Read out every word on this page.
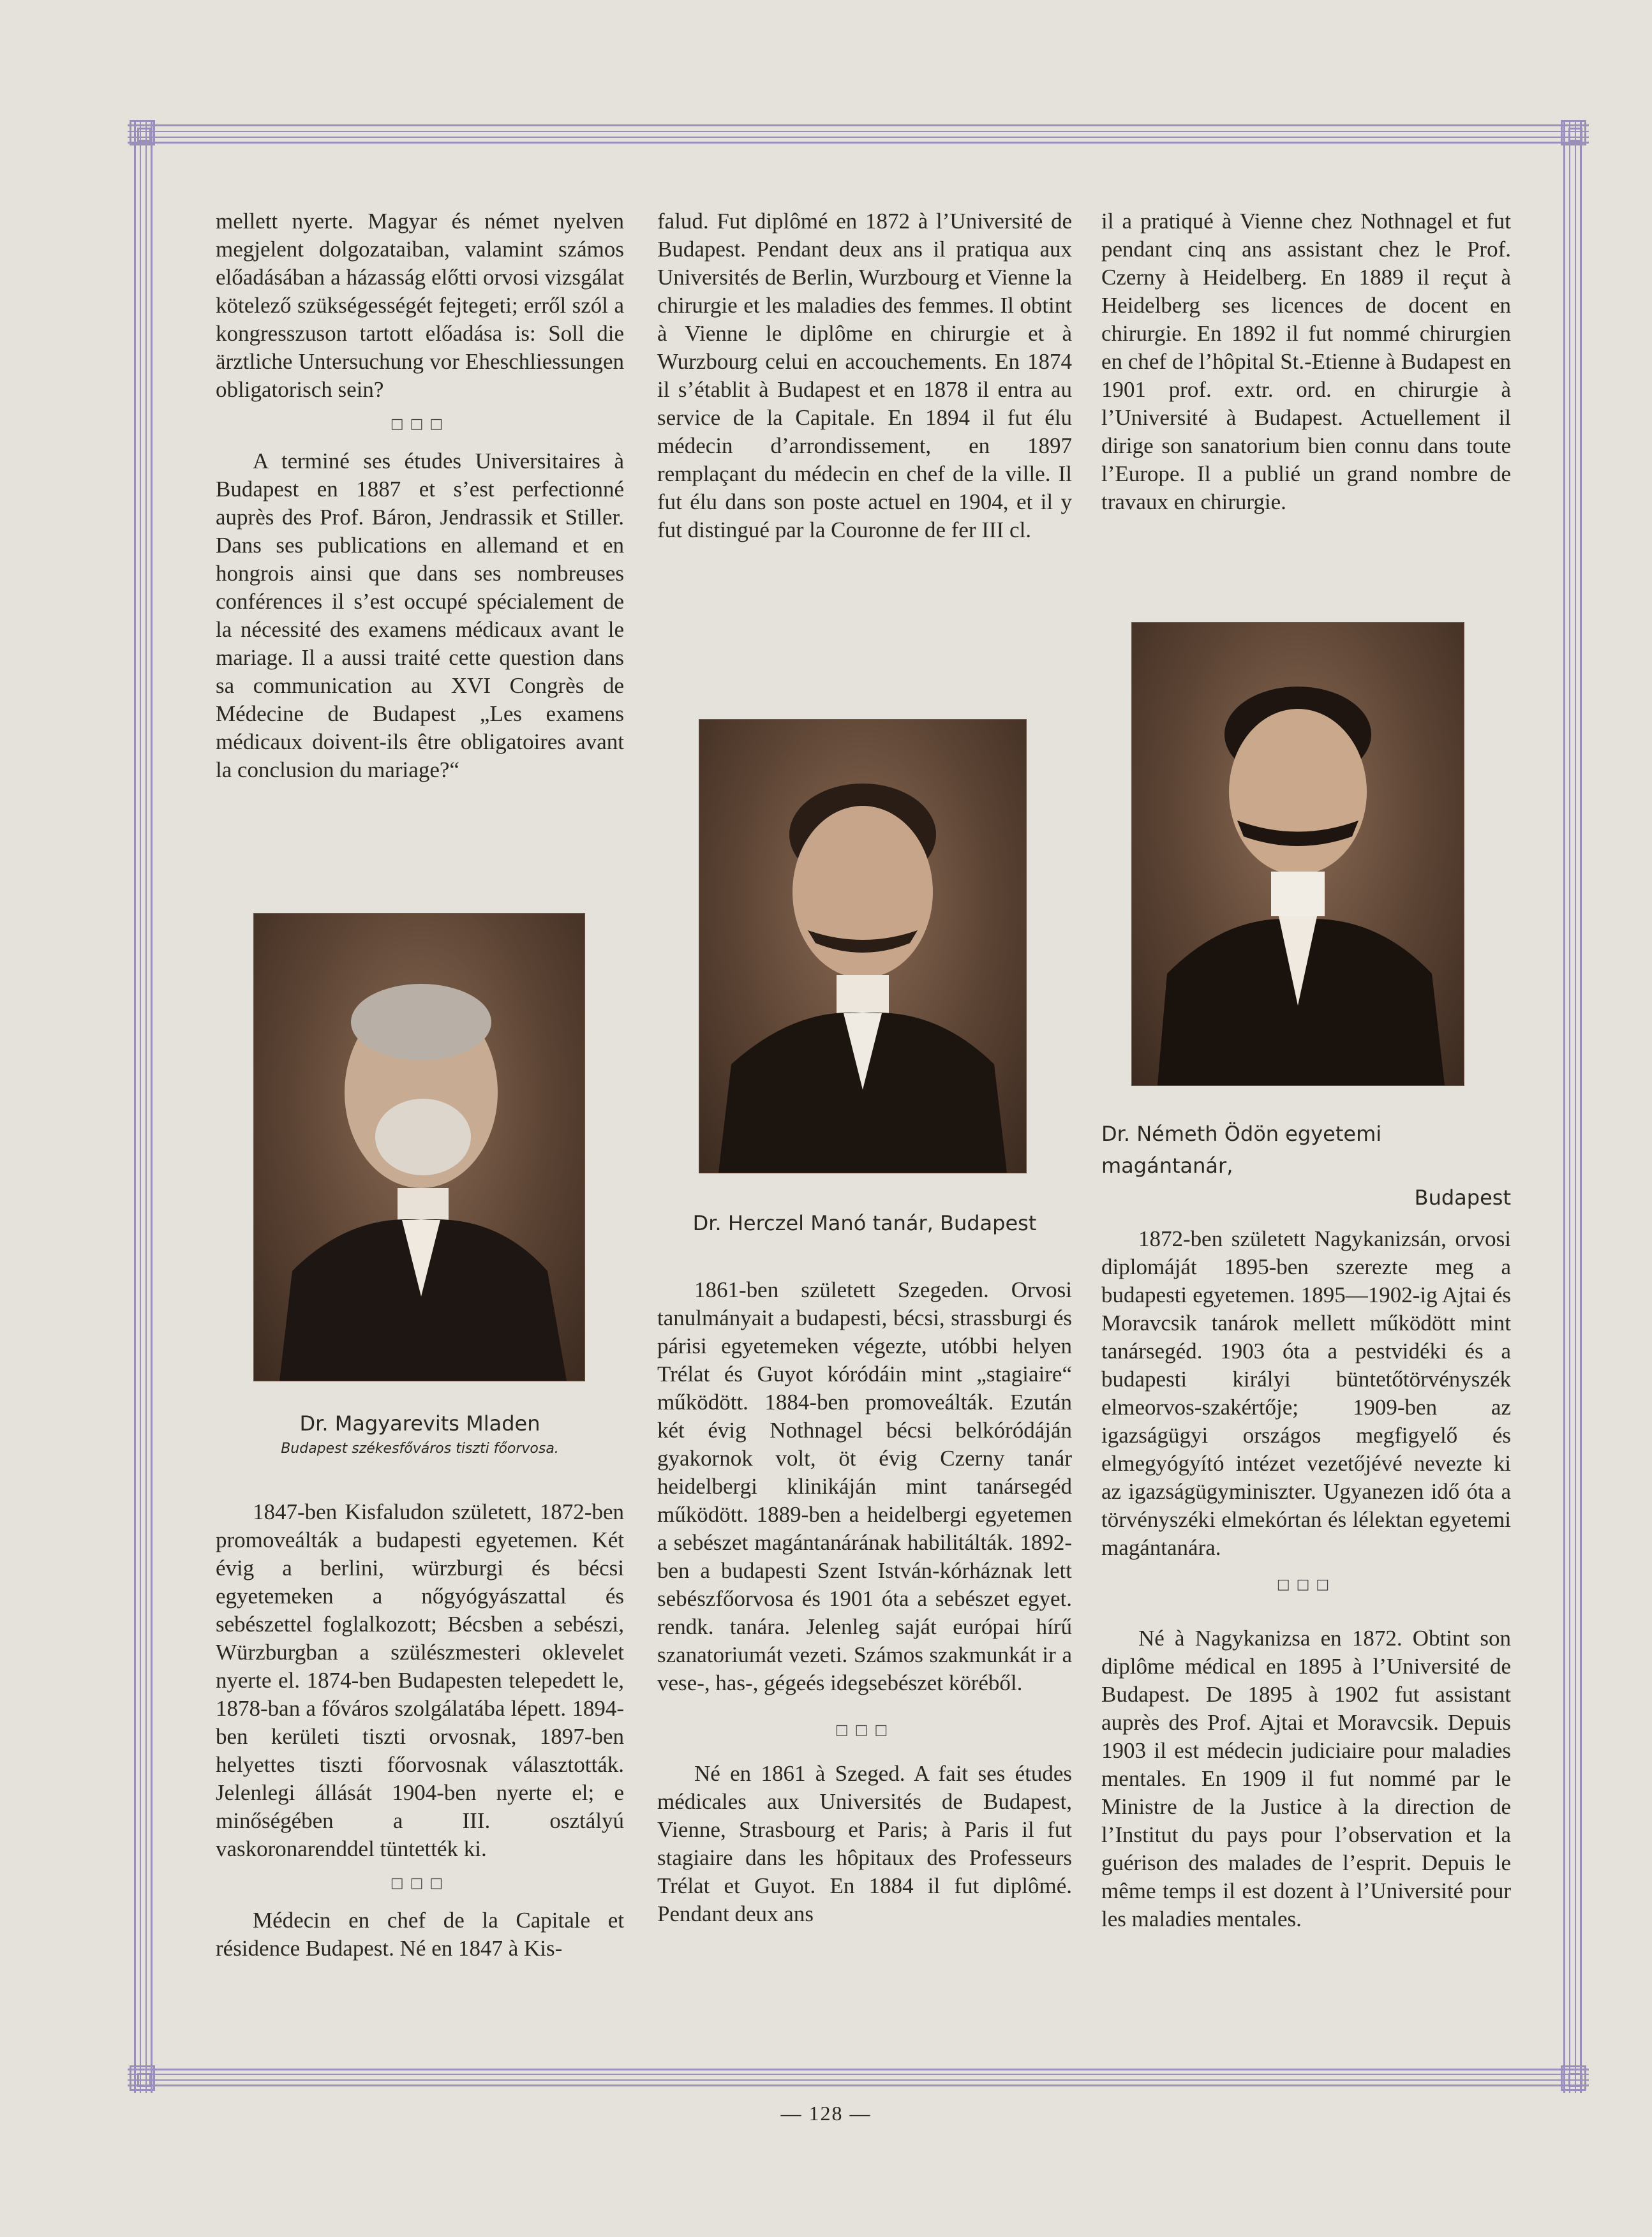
mellett nyerte. Magyar és német nyelven megjelent dolgozataiban, valamint számos előadásában a házasság előtti orvosi vizsgálat kötelező szükségességét fejtegeti; erről szól a kongresszuson tartott előadása is: Soll die ärztliche Untersuchung vor Eheschliessungen obligatorisch sein?

□□□

A terminé ses études Universitaires à Budapest en 1887 et s’est perfectionné auprès des Prof. Báron, Jendrassik et Stiller. Dans ses publications en allemand et en hongrois ainsi que dans ses nombreuses conférences il s’est occupé spécialement de la nécessité des examens médicaux avant le mariage. Il a aussi traité cette question dans sa communication au XVI Congrès de Médecine de Budapest „Les examens médicaux doivent-ils être obligatoires avant la conclusion du mariage?“

Dr. Magyarevits Mladen
Budapest székesfőváros tiszti főorvosa.

1847-ben Kisfaludon született, 1872-ben promoveálták a budapesti egyetemen. Két évig a berlini, würzburgi és bécsi egyetemeken a nőgyógyászattal és sebészettel foglalkozott; Bécsben a sebészi, Würzburgban a szülészmesteri oklevelet nyerte el. 1874-ben Budapesten telepedett le, 1878-ban a főváros szolgálatába lépett. 1894-ben kerületi tiszti orvosnak, 1897-ben helyettes tiszti főorvosnak választották. Jelenlegi állását 1904-ben nyerte el; e minőségében a III. osztályú vaskoronarenddel tüntették ki.

□□□

Médecin en chef de la Capitale et résidence Budapest. Né en 1847 à Kis-

falud. Fut diplômé en 1872 à l’Université de Budapest. Pendant deux ans il pratiqua aux Universités de Berlin, Wurzbourg et Vienne la chirurgie et les maladies des femmes. Il obtint à Vienne le diplôme en chirurgie et à Wurzbourg celui en accouchements. En 1874 il s’établit à Budapest et en 1878 il entra au service de la Capitale. En 1894 il fut élu médecin d’arrondissement, en 1897 remplaçant du médecin en chef de la ville. Il fut élu dans son poste actuel en 1904, et il y fut distingué par la Couronne de fer III cl.

Dr. Herczel Manó tanár, Budapest

1861-ben született Szegeden. Orvosi tanulmányait a budapesti, bécsi, strassburgi és párisi egyetemeken végezte, utóbbi helyen Trélat és Guyot kóródáin mint „stagiaire“ működött. 1884-ben promoveálták. Ezután két évig Nothnagel bécsi belkóródáján gyakornok volt, öt évig Czerny tanár heidelbergi klinikáján mint tanársegéd működött. 1889-ben a heidelbergi egyetemen a sebészet magántanárának habilitálták. 1892-ben a budapesti Szent István-kórháznak lett sebészfőorvosa és 1901 óta a sebészet egyet. rendk. tanára. Jelenleg saját európai hírű szanatoriumát vezeti. Számos szakmunkát ir a vese-, has-, gégeés idegsebészet köréből.

□□□

Né en 1861 à Szeged. A fait ses études médicales aux Universités de Budapest, Vienne, Strasbourg et Paris; à Paris il fut stagiaire dans les hôpitaux des Professeurs Trélat et Guyot. En 1884 il fut diplômé. Pendant deux ans

il a pratiqué à Vienne chez Nothnagel et fut pendant cinq ans assistant chez le Prof. Czerny à Heidelberg. En 1889 il reçut à Heidelberg ses licences de docent en chirurgie. En 1892 il fut nommé chirurgien en chef de l’hôpital St.-Etienne à Budapest en 1901 prof. extr. ord. en chirurgie à l’Université à Budapest. Actuellement il dirige son sanatorium bien connu dans toute l’Europe. Il a publié un grand nombre de travaux en chirurgie.

Dr. Németh Ödön egyetemi magántanár,
Budapest

1872-ben született Nagykanizsán, orvosi diplomáját 1895-ben szerezte meg a budapesti egyetemen. 1895—1902-ig Ajtai és Moravcsik tanárok mellett működött mint tanársegéd. 1903 óta a pestvidéki és a budapesti királyi büntetőtörvényszék elmeorvos-szakértője; 1909-ben az igazságügyi országos megfigyelő és elmegyógyító intézet vezetőjévé nevezte ki az igazságügyminiszter. Ugyanezen idő óta a törvényszéki elmekórtan és lélektan egyetemi magántanára.

□□□

Né à Nagykanizsa en 1872. Obtint son diplôme médical en 1895 à l’Université de Budapest. De 1895 à 1902 fut assistant auprès des Prof. Ajtai et Moravcsik. Depuis 1903 il est médecin judiciaire pour maladies mentales. En 1909 il fut nommé par le Ministre de la Justice à la direction de l’Institut du pays pour l’observation et la guérison des malades de l’esprit. Depuis le même temps il est dozent à l’Université pour les maladies mentales.

— 128 —
